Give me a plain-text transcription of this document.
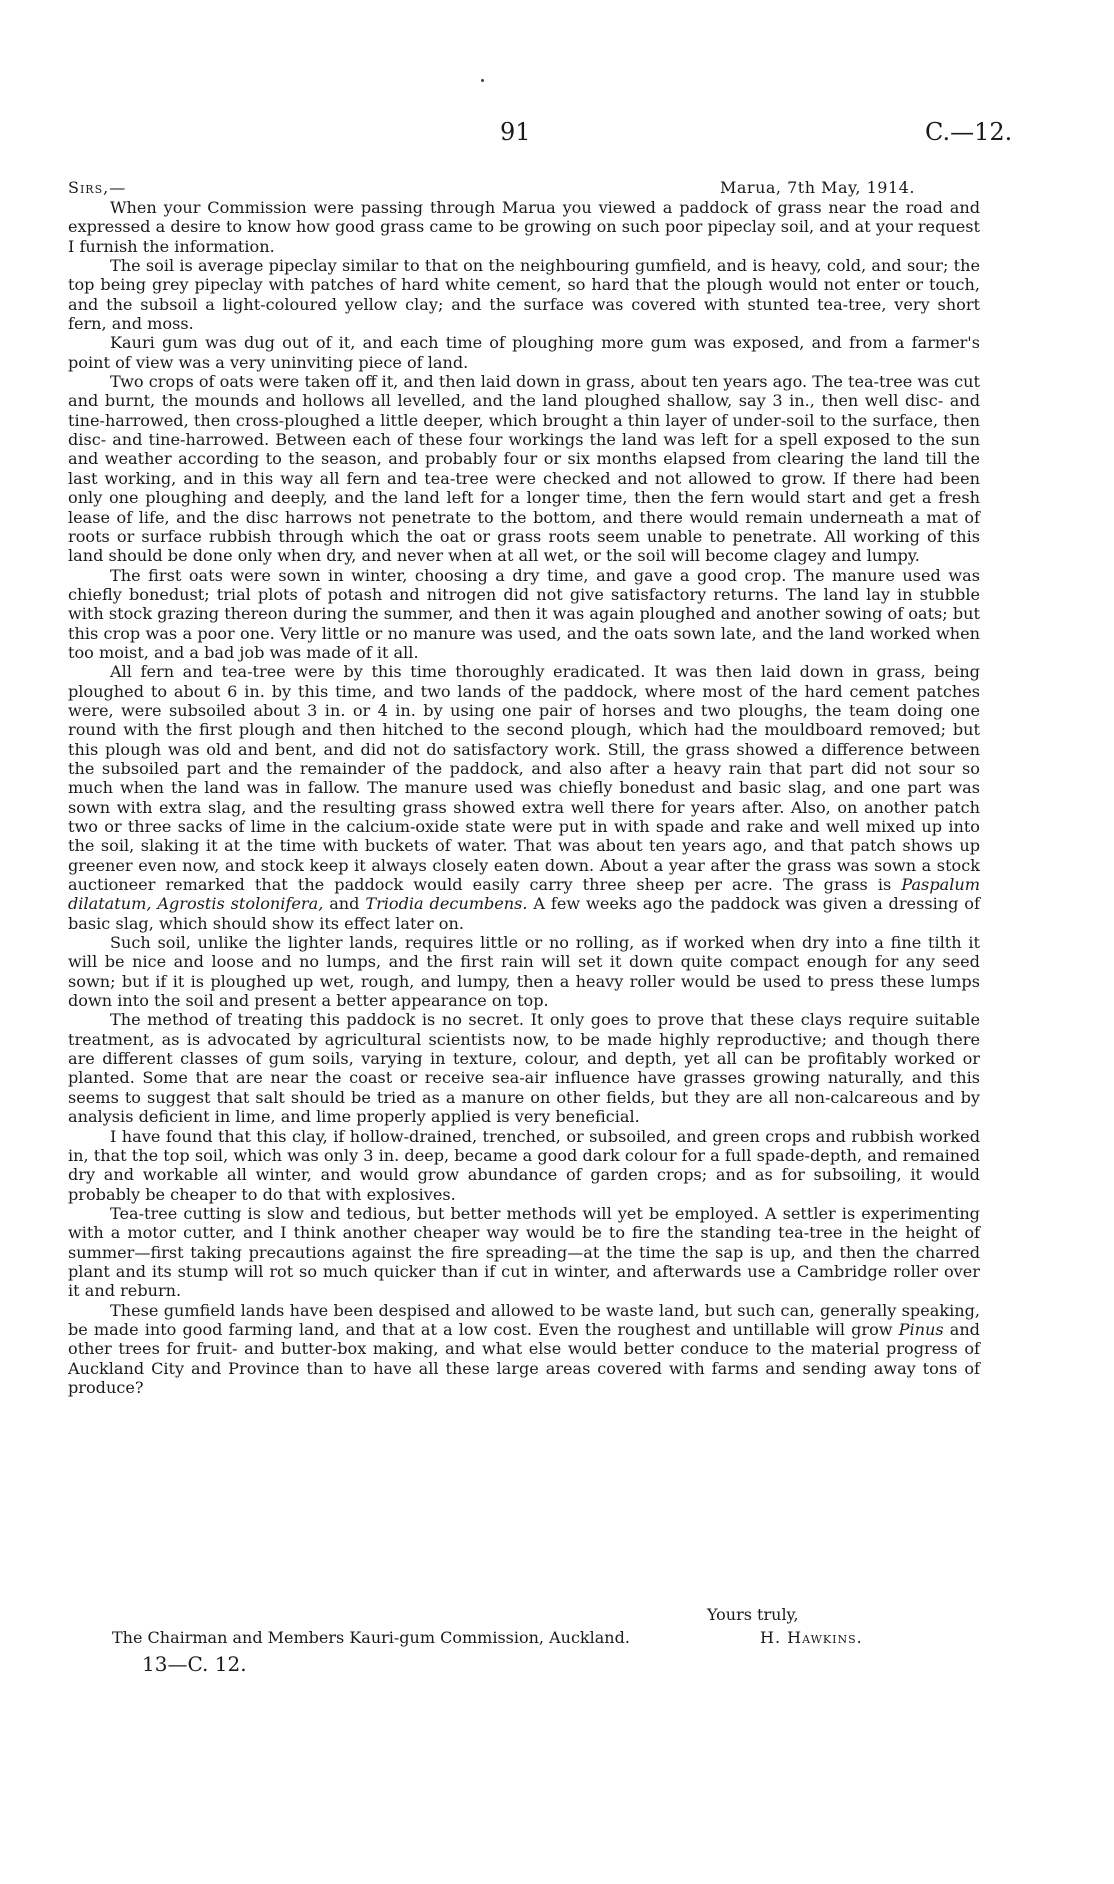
91	C.—12.
Sirs,—	Marua, 7th May, 1914.

When your Commission were passing through Marua you viewed a paddock of grass near the road and expressed a desire to know how good grass came to be growing on such poor pipeclay soil, and at your request I furnish the information.

The soil is average pipeclay similar to that on the neighbouring gumfield, and is heavy, cold, and sour; the top being grey pipeclay with patches of hard white cement, so hard that the plough would not enter or touch, and the subsoil a light-coloured yellow clay; and the surface was covered with stunted tea-tree, very short fern, and moss.

Kauri gum was dug out of it, and each time of ploughing more gum was exposed, and from a farmer's point of view was a very uninviting piece of land.

Two crops of oats were taken off it, and then laid down in grass, about ten years ago. The tea-tree was cut and burnt, the mounds and hollows all levelled, and the land ploughed shallow, say 3 in., then well disc- and tine-harrowed, then cross-ploughed a little deeper, which brought a thin layer of under-soil to the surface, then disc- and tine-harrowed. Between each of these four workings the land was left for a spell exposed to the sun and weather according to the season, and probably four or six months elapsed from clearing the land till the last working, and in this way all fern and tea-tree were checked and not allowed to grow. If there had been only one ploughing and deeply, and the land left for a longer time, then the fern would start and get a fresh lease of life, and the disc harrows not penetrate to the bottom, and there would remain underneath a mat of roots or surface rubbish through which the oat or grass roots seem unable to penetrate. All working of this land should be done only when dry, and never when at all wet, or the soil will become clagey and lumpy.

The first oats were sown in winter, choosing a dry time, and gave a good crop. The manure used was chiefly bonedust; trial plots of potash and nitrogen did not give satisfactory returns. The land lay in stubble with stock grazing thereon during the summer, and then it was again ploughed and another sowing of oats; but this crop was a poor one. Very little or no manure was used, and the oats sown late, and the land worked when too moist, and a bad job was made of it all.

All fern and tea-tree were by this time thoroughly eradicated. It was then laid down in grass, being ploughed to about 6 in. by this time, and two lands of the paddock, where most of the hard cement patches were, were subsoiled about 3 in. or 4 in. by using one pair of horses and two ploughs, the team doing one round with the first plough and then hitched to the second plough, which had the mouldboard removed; but this plough was old and bent, and did not do satisfactory work. Still, the grass showed a difference between the subsoiled part and the remainder of the paddock, and also after a heavy rain that part did not sour so much when the land was in fallow. The manure used was chiefly bonedust and basic slag, and one part was sown with extra slag, and the resulting grass showed extra well there for years after. Also, on another patch two or three sacks of lime in the calcium-oxide state were put in with spade and rake and well mixed up into the soil, slaking it at the time with buckets of water. That was about ten years ago, and that patch shows up greener even now, and stock keep it always closely eaten down. About a year after the grass was sown a stock auctioneer remarked that the paddock would easily carry three sheep per acre. The grass is Paspalum dilatatum, Agrostis stolonifera, and Triodia decumbens. A few weeks ago the paddock was given a dressing of basic slag, which should show its effect later on.

Such soil, unlike the lighter lands, requires little or no rolling, as if worked when dry into a fine tilth it will be nice and loose and no lumps, and the first rain will set it down quite compact enough for any seed sown; but if it is ploughed up wet, rough, and lumpy, then a heavy roller would be used to press these lumps down into the soil and present a better appearance on top.

The method of treating this paddock is no secret. It only goes to prove that these clays require suitable treatment, as is advocated by agricultural scientists now, to be made highly reproductive; and though there are different classes of gum soils, varying in texture, colour, and depth, yet all can be profitably worked or planted. Some that are near the coast or receive sea-air influence have grasses growing naturally, and this seems to suggest that salt should be tried as a manure on other fields, but they are all non-calcareous and by analysis deficient in lime, and lime properly applied is very beneficial.

I have found that this clay, if hollow-drained, trenched, or subsoiled, and green crops and rubbish worked in, that the top soil, which was only 3 in. deep, became a good dark colour for a full spade-depth, and remained dry and workable all winter, and would grow abundance of garden crops; and as for subsoiling, it would probably be cheaper to do that with explosives.

Tea-tree cutting is slow and tedious, but better methods will yet be employed. A settler is experimenting with a motor cutter, and I think another cheaper way would be to fire the standing tea-tree in the height of summer—first taking precautions against the fire spreading—at the time the sap is up, and then the charred plant and its stump will rot so much quicker than if cut in winter, and afterwards use a Cambridge roller over it and reburn.

These gumfield lands have been despised and allowed to be waste land, but such can, generally speaking, be made into good farming land, and that at a low cost. Even the roughest and untillable will grow Pinus and other trees for fruit- and butter-box making, and what else would better conduce to the material progress of Auckland City and Province than to have all these large areas covered with farms and sending away tons of produce?

Yours truly,
The Chairman and Members Kauri-gum Commission, Auckland.	H. Hawkins.
13—C. 12.
